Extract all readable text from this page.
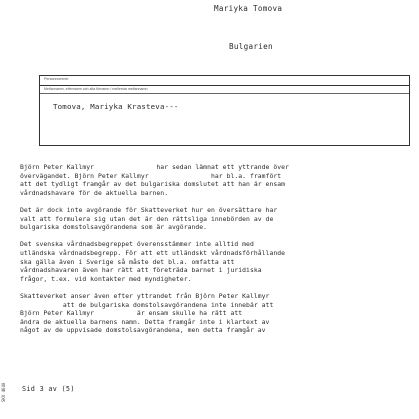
Mariyka Tomova
Bulgarien
Personnummer
Mellannamn, efternamn och alla förnamn / mellersta mellannamn
Tomova, Mariyka Krasteva---

Björn Peter Kallmyr                har sedan lämnat ett yttrande över
övervägandet. Björn Peter Kallmyr                har bl.a. framfört
att det tydligt framgår av det bulgariska domslutet att han är ensam
vårdnadshavare för de aktuella barnen.

Det är dock inte avgörande för Skatteverket hur en översättare har
valt att formulera sig utan det är den rättsliga innebörden av de
bulgariska domstolsavgörandena som är avgörande.

Det svenska vårdnadsbegreppet överensstämmer inte alltid med
utländska vårdnadsbegrepp. För att ett utländskt vårdnadsförhållande
ska gälla även i Sverige så måste det bl.a. omfatta att
vårdnadshavaren även har rätt att företräda barnet i juridiska
frågor, t.ex. vid kontakter med myndigheter.

Skatteverket anser även efter yttrandet från Björn Peter Kallmyr
att de bulgariska domstolsavgörandena inte innebär att
Björn Peter Kallmyr           är ensam skulle ha rätt att
ändra de aktuella barnens namn. Detta framgår inte i klartext av
något av de uppvisade domstolsavgörandena, men detta framgår av

Sid 3 av (5)
SKV 4640
